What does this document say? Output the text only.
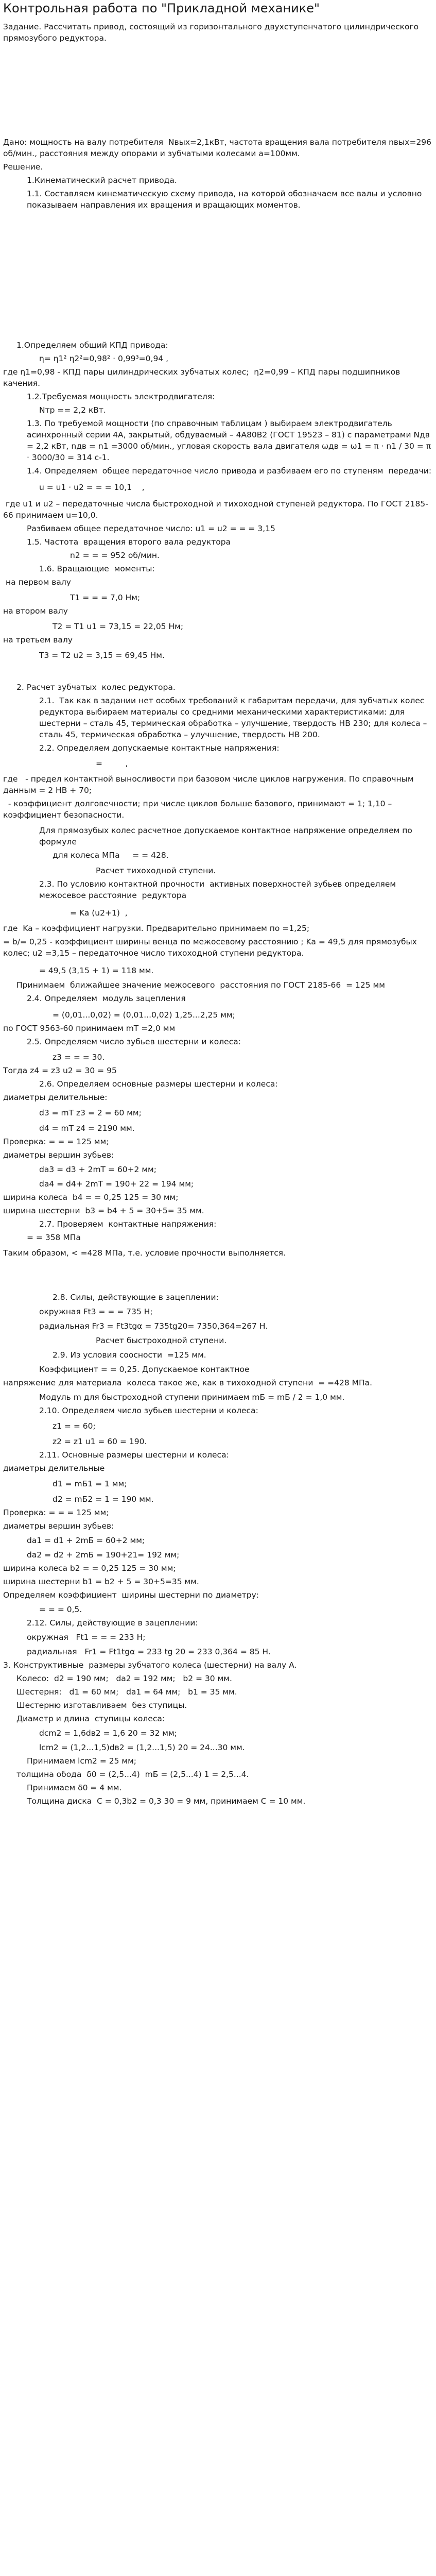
Контрольная работа по "Прикладной механике"

Задание. Рассчитать привод, состоящий из горизонтального двухступенчатого цилиндрического прямозубого редуктора.

Дано: мощность на валу потребителя  Nвых=2,1кВт, частота вращения вала потребителя nвых=296 об/мин., расстояния между опорами и зубчатыми колесами а=100мм.

Решение.

1.Кинематический расчет привода.

1.1. Составляем кинематическую схему привода, на которой обозначаем все валы и условно показываем направления их вращения и вращающих моментов.

1.Определяем общий КПД привода:

η= η1² η2²=0,98² · 0,99³=0,94 ,

где η1=0,98 - КПД пары цилиндрических зубчатых колес;  η2=0,99 – КПД пары подшипников качения.

1.2.Требуемая мощность электродвигателя:

Nтр == 2,2 кВт.

1.3. По требуемой мощности (по справочным таблицам ) выбираем электродвигатель асинхронный серии 4А, закрытый, обдуваемый – 4А80В2 (ГОСТ 19523 – 81) с параметрами Nдв = 2,2 кВт, nдв = n1 =3000 об/мин., угловая скорость вала двигателя ωдв = ω1 = π · n1 / 30 = π · 3000/30 = 314 с-1.

1.4. Определяем  общее передаточное число привода и разбиваем его по ступеням  передачи:

u = u1 · u2 = = = 10,1    ,

где u1 и u2 – передаточные числа быстроходной и тихоходной ступеней редуктора. По ГОСТ 2185-66 принимаем u=10,0.

Разбиваем общее передаточное число: u1 = u2 = = = 3,15

1.5. Частота  вращения второго вала редуктора

n2 = = = 952 об/мин.

1.6. Вращающие  моменты:

на первом валу

T1 = = = 7,0 Нм;

на втором валу

T2 = T1 u1 = 73,15 = 22,05 Нм;

на третьем валу

T3 = T2 u2 = 3,15 = 69,45 Нм.

2. Расчет зубчатых  колес редуктора.

2.1.  Так как в задании нет особых требований к габаритам передачи, для зубчатых колес редуктора выбираем материалы со средними механическими характеристиками: для шестерни – сталь 45, термическая обработка – улучшение, твердость НВ 230; для колеса – сталь 45, термическая обработка – улучшение, твердость НВ 200.

2.2. Определяем допускаемые контактные напряжения:

=         ,

где   - предел контактной выносливости при базовом числе циклов нагружения. По справочным данным = 2 HB + 70;

- коэффициент долговечности; при числе циклов больше базового, принимают = 1; 1,10 – коэффициент безопасности.

Для прямозубых колес расчетное допускаемое контактное напряжение определяем по формуле

для колеса МПа     = = 428.

Расчет тихоходной ступени.

2.3. По условию контактной прочности  активных поверхностей зубьев определяем межосевое расстояние  редуктора

= Ka (u2+1)  ,

где  Ka – коэффициент нагрузки. Предварительно принимаем по =1,25;

= b/= 0,25 - коэффициент ширины венца по межосевому расстоянию ; Ka = 49,5 для прямозубых колес; u2 =3,15 – передаточное число тихоходной ступени редуктора.

= 49,5 (3,15 + 1) = 118 мм.

Принимаем  ближайшее значение межосевого  расстояния по ГОСТ 2185-66  = 125 мм

2.4. Определяем  модуль зацепления

= (0,01...0,02) = (0,01...0,02) 1,25...2,25 мм;

по ГОСТ 9563-60 принимаем mT =2,0 мм

2.5. Определяем число зубьев шестерни и колеса:

z3 = = = 30.

Тогда z4 = z3 u2 = 30 = 95

2.6. Определяем основные размеры шестерни и колеса:

диаметры делительные:

d3 = mT z3 = 2 = 60 мм;

d4 = mT z4 = 2190 мм.

Проверка: = = = 125 мм;

диаметры вершин зубьев:

da3 = d3 + 2mT = 60+2 мм;

da4 = d4+ 2mT = 190+ 22 = 194 мм;

ширина колеса  b4 = = 0,25 125 = 30 мм;

ширина шестерни  b3 = b4 + 5 = 30+5= 35 мм.

2.7. Проверяем  контактные напряжения:

= = 358 МПа

Таким образом, < =428 МПа, т.е. условие прочности выполняется.

2.8. Силы, действующие в зацеплении:

окружная Ft3 = = = 735 Н;

радиальная Fr3 = Ft3tgα = 735tg20= 7350,364=267 Н.

Расчет быстроходной ступени.

2.9. Из условия соосности  =125 мм.

Коэффициент = = 0,25. Допускаемое контактное

напряжение для материала  колеса такое же, как в тихоходной ступени  = =428 МПа.

Модуль m для быстроходной ступени принимаем mБ = mБ / 2 = 1,0 мм.

2.10. Определяем число зубьев шестерни и колеса:

z1 = = 60;

z2 = z1 u1 = 60 = 190.

2.11. Основные размеры шестерни и колеса:

диаметры делительные

d1 = mБ1 = 1 мм;

d2 = mБ2 = 1 = 190 мм.

Проверка: = = = 125 мм;

диаметры вершин зубьев:

da1 = d1 + 2mБ = 60+2 мм;

da2 = d2 + 2mБ = 190+21= 192 мм;

ширина колеса b2 = = 0,25 125 = 30 мм;

ширина шестерни b1 = b2 + 5 = 30+5=35 мм.

Определяем коэффициент  ширины шестерни по диаметру:

= = = 0,5.

2.12. Силы, действующие в зацеплении:

окружная   Ft1 = = = 233 Н;

радиальная   Fr1 = Ft1tgα = 233 tg 20 = 233 0,364 = 85 Н.

3. Конструктивные  размеры зубчатого колеса (шестерни) на валу А.

Колесо:  d2 = 190 мм;   da2 = 192 мм;   b2 = 30 мм.

Шестерня:   d1 = 60 мм;   da1 = 64 мм;   b1 = 35 мм.

Шестерню изготавливаем  без ступицы.

Диаметр и длина  ступицы колеса:

dcm2 = 1,6dв2 = 1,6 20 = 32 мм;

lcm2 = (1,2...1,5)dв2 = (1,2...1,5) 20 = 24...30 мм.

Принимаем lcm2 = 25 мм;

толщина обода  δ0 = (2,5...4)  mБ = (2,5...4) 1 = 2,5...4.

Принимаем δ0 = 4 мм.

Толщина диска  С = 0,3b2 = 0,3 30 = 9 мм, принимаем С = 10 мм.
